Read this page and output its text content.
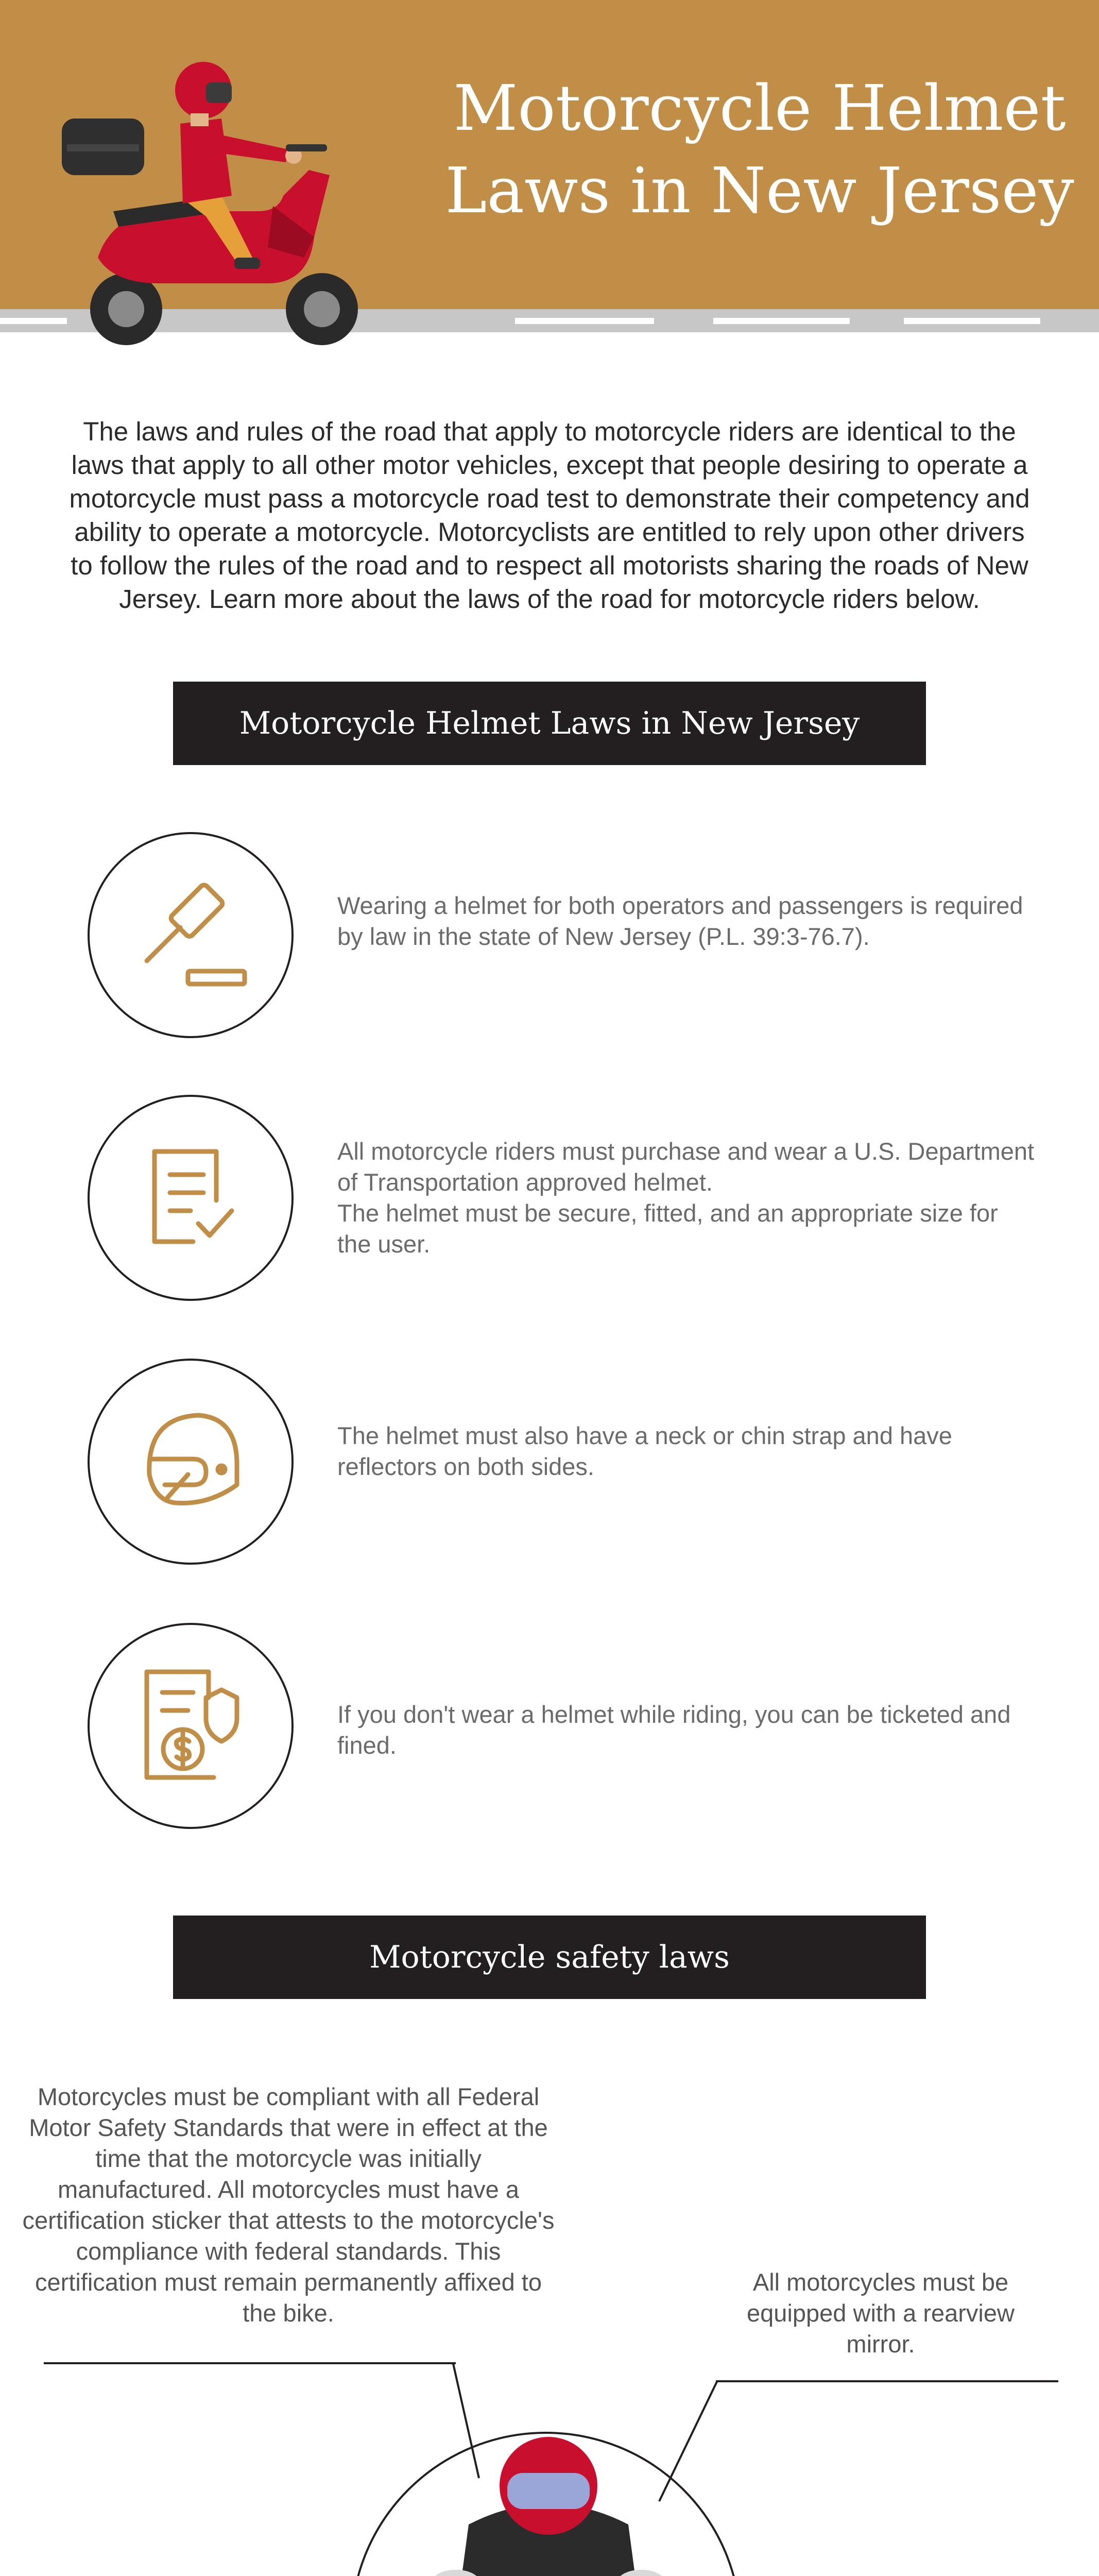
Motorcycle Helmet
Laws in New Jersey
The laws and rules of the road that apply to motorcycle riders are identical to the laws that apply to all other motor vehicles, except that people desiring to operate a motorcycle must pass a motorcycle road test to demonstrate their competency and ability to operate a motorcycle. Motorcyclists are entitled to rely upon other drivers to follow the rules of the road and to respect all motorists sharing the roads of New Jersey. Learn more about the laws of the road for motorcycle riders below.
Motorcycle Helmet Laws in New Jersey
Wearing a helmet for both operators and passengers is required by law in the state of New Jersey (P.L. 39:3-76.7).
All motorcycle riders must purchase and wear a U.S. Department of Transportation approved helmet.
The helmet must be secure, fitted, and an appropriate size for the user.
The helmet must also have a neck or chin strap and have reflectors on both sides.
If you don't wear a helmet while riding, you can be ticketed and fined.
Motorcycle safety laws
Motorcycles must be compliant with all Federal Motor Safety Standards that were in effect at the time that the motorcycle was initially manufactured. All motorcycles must have a certification sticker that attests to the motorcycle's compliance with federal standards. This certification must remain permanently affixed to the bike.
All motorcycles must be equipped with a rearview mirror.
